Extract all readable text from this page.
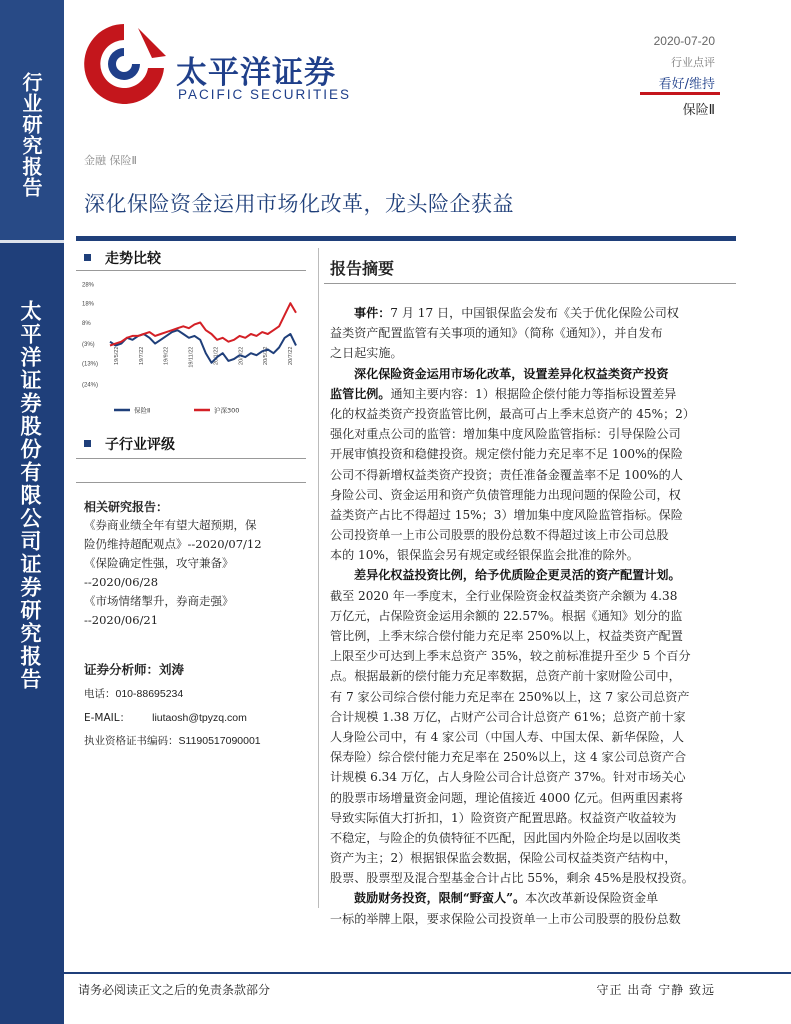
行业研究报告
太平洋证券股份有限公司证券研究报告
太平洋证券
PACIFIC SECURITIES
2020-07-20
行业点评
看好/维持
保险Ⅱ
金融 保险Ⅱ
深化保险资金运用市场化改革，龙头险企获益
走势比较
28%
18%
8%
(3%)
(13%)
(24%)
19/5/22	19/7/22	19/9/22	19/11/22	20/1/22	20/3/22	20/5/22	20/7/22
保险Ⅱ	沪深300
子行业评级
相关研究报告：
《券商业绩全年有望大超预期，保
险仍维持超配观点》--2020/07/12
《保险确定性强，攻守兼备》
--2020/06/28
《市场情绪掣升，券商走强》
--2020/06/21
证券分析师：刘涛
电话：010-88695234
E-MAIL： liutaosh@tpyzq.com
执业资格证书编码：S1190517090001
报告摘要
事件：7 月 17 日，中国银保监会发布《关于优化保险公司权
益类资产配置监管有关事项的通知》（简称《通知》），并自发布
之日起实施。
深化保险资金运用市场化改革，设置差异化权益类资产投资
监管比例。通知主要内容：1）根据险企偿付能力等指标设置差异
化的权益类资产投资监管比例，最高可占上季末总资产的 45%；2）
强化对重点公司的监管：增加集中度风险监管指标：引导保险公司
开展审慎投资和稳健投资。规定偿付能力充足率不足 100%的保险
公司不得新增权益类资产投资；责任准备金覆盖率不足 100%的人
身险公司、资金运用和资产负债管理能力出现问题的保险公司，权
益类资产占比不得超过 15%；3）增加集中度风险监管指标。保险
公司投资单一上市公司股票的股份总数不得超过该上市公司总股
本的 10%，银保监会另有规定或经银保监会批准的除外。
差异化权益投资比例，给予优质险企更灵活的资产配置计划。
截至 2020 年一季度末，全行业保险资金权益类资产余额为 4.38
万亿元，占保险资金运用余额的 22.57%。根据《通知》划分的监
管比例，上季末综合偿付能力充足率 250%以上，权益类资产配置
上限至少可达到上季末总资产 35%，较之前标准提升至少 5 个百分
点。根据最新的偿付能力充足率数据，总资产前十家财险公司中，
有 7 家公司综合偿付能力充足率在 250%以上，这 7 家公司总资产
合计规模 1.38 万亿，占财产公司合计总资产 61%；总资产前十家
人身险公司中，有 4 家公司（中国人寿、中国太保、新华保险，人
保寿险）综合偿付能力充足率在 250%以上，这 4 家公司总资产合
计规模 6.34 万亿，占人身险公司合计总资产 37%。针对市场关心
的股票市场增量资金问题，理论值接近 4000 亿元。但两重因素将
导致实际值大打折扣，1）险资资产配置思路。权益资产收益较为
不稳定，与险企的负债特征不匹配，因此国内外险企均是以固收类
资产为主；2）根据银保监会数据，保险公司权益类资产结构中，
股票、股票型及混合型基金合计占比 55%，剩余 45%是股权投资。
鼓励财务投资，限制“野蛮人”。本次改革新设保险资金单
一标的举牌上限，要求保险公司投资单一上市公司股票的股份总数
请务必阅读正文之后的免责条款部分	守正 出奇 宁静 致远
